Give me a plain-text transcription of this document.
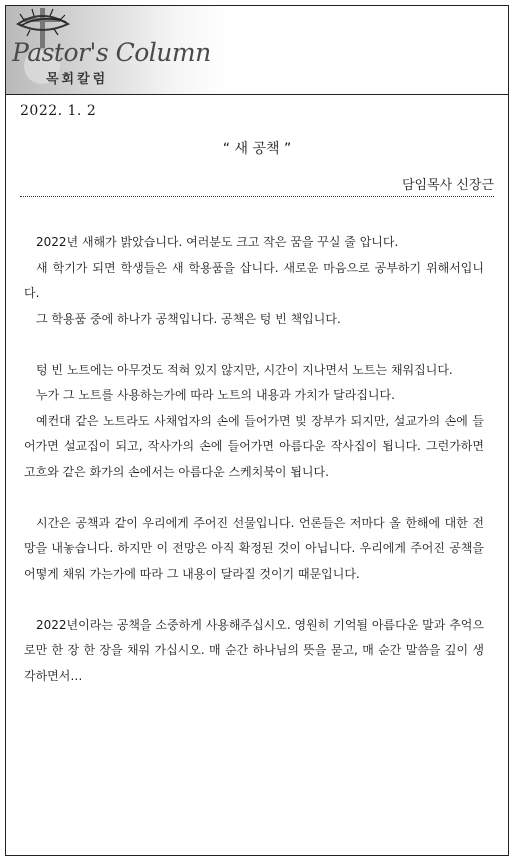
Pastor's Column
목회칼럼
2022. 1. 2
“ 새 공책 ”
담임목사 신장근

2022년 새해가 밝았습니다. 여러분도 크고 작은 꿈을 꾸실 줄 압니다.

새 학기가 되면 학생들은 새 학용품을 삽니다. 새로운 마음으로 공부하기 위해서입니다.

그 학용품 중에 하나가 공책입니다. 공책은 텅 빈 책입니다.

텅 빈 노트에는 아무것도 적혀 있지 않지만, 시간이 지나면서 노트는 채워집니다.

누가 그 노트를 사용하는가에 따라 노트의 내용과 가치가 달라집니다.

예컨대 같은 노트라도 사채업자의 손에 들어가면 빚 장부가 되지만, 설교가의 손에 들어가면 설교집이 되고, 작사가의 손에 들어가면 아름다운 작사집이 됩니다. 그런가하면 고흐와 같은 화가의 손에서는 아름다운 스케치북이 됩니다.

시간은 공책과 같이 우리에게 주어진 선물입니다. 언론들은 저마다 올 한해에 대한 전망을 내놓습니다. 하지만 이 전망은 아직 확정된 것이 아닙니다. 우리에게 주어진 공책을 어떻게 채워 가는가에 따라 그 내용이 달라질 것이기 때문입니다.

2022년이라는 공책을 소중하게 사용해주십시오. 영원히 기억될 아름다운 말과 추억으로만 한 장 한 장을 채워 가십시오. 매 순간 하나님의 뜻을 묻고, 매 순간 말씀을 깊이 생각하면서…
